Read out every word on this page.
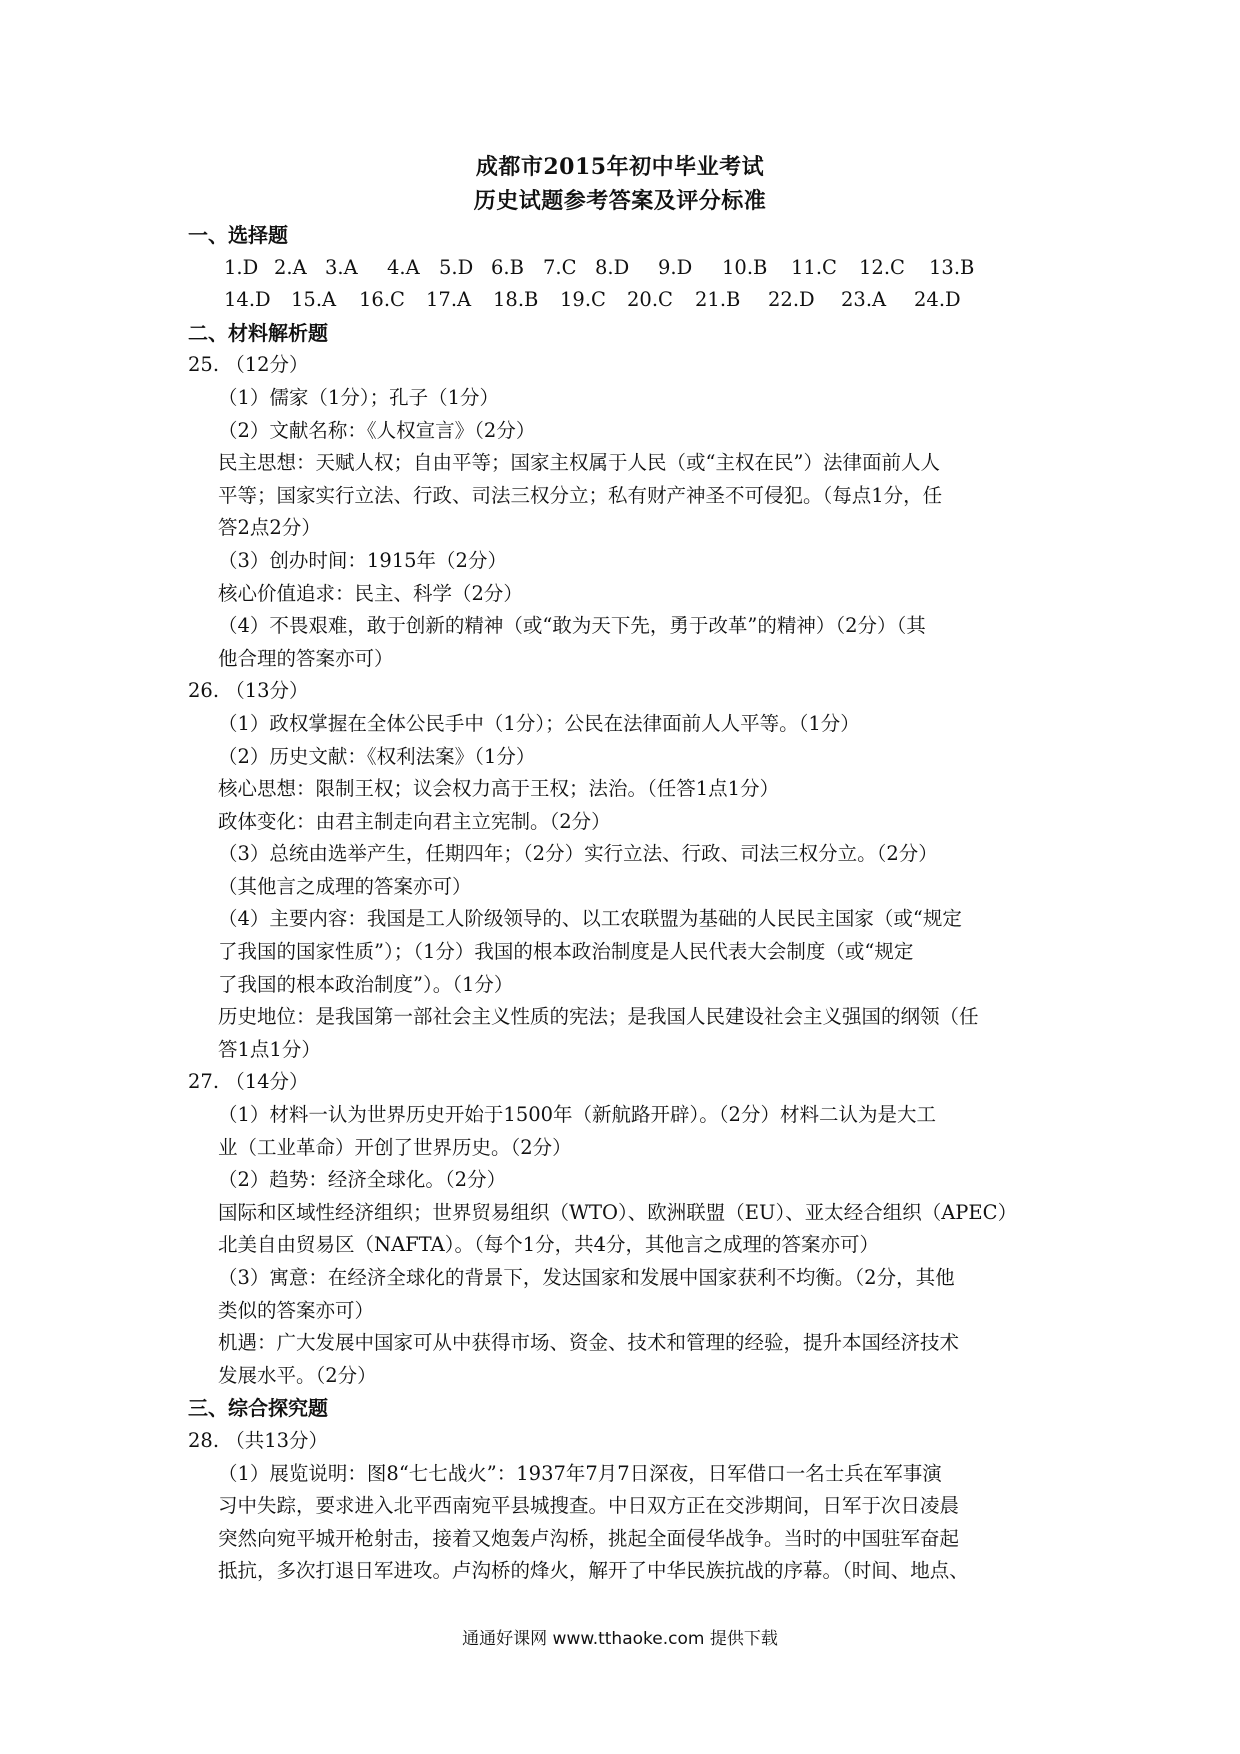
成都市2015年初中毕业考试
历史试题参考答案及评分标准
一、选择题
1.D 2.A 3.A	4.A 5.D 6.B 7.C 8.D	9.D	10.B	11.C	12.C	13.B
14.D	15.A	16.C	17.A	18.B	19.C	20.C	21.B	22.D	23.A	24.D
二、材料解析题
25. （12分）
（1）儒家（1分）；孔子（1分）
（2）文献名称：《人权宣言》（2分）
民主思想：天赋人权；自由平等；国家主权属于人民（或“主权在民”）法律面前人人
平等；国家实行立法、行政、司法三权分立；私有财产神圣不可侵犯。（每点1分，任
答2点2分）
（3）创办时间：1915年（2分）
核心价值追求：民主、科学（2分）
（4）不畏艰难，敢于创新的精神（或“敢为天下先，勇于改革”的精神）（2分）（其
他合理的答案亦可）
26. （13分）
（1）政权掌握在全体公民手中（1分）；公民在法律面前人人平等。（1分）
（2）历史文献：《权利法案》（1分）
核心思想：限制王权；议会权力高于王权；法治。（任答1点1分）
政体变化：由君主制走向君主立宪制。（2分）
（3）总统由选举产生，任期四年；（2分）实行立法、行政、司法三权分立。（2分）
（其他言之成理的答案亦可）
（4）主要内容：我国是工人阶级领导的、以工农联盟为基础的人民民主国家（或“规定
了我国的国家性质”）；（1分）我国的根本政治制度是人民代表大会制度（或“规定
了我国的根本政治制度”）。（1分）
历史地位：是我国第一部社会主义性质的宪法；是我国人民建设社会主义强国的纲领（任
答1点1分）
27. （14分）
（1）材料一认为世界历史开始于1500年（新航路开辟）。（2分）材料二认为是大工
业（工业革命）开创了世界历史。（2分）
（2）趋势：经济全球化。（2分）
国际和区域性经济组织；世界贸易组织（WTO）、欧洲联盟（EU）、亚太经合组织（APEC）
北美自由贸易区（NAFTA）。（每个1分，共4分，其他言之成理的答案亦可）
（3）寓意：在经济全球化的背景下，发达国家和发展中国家获利不均衡。（2分，其他
类似的答案亦可）
机遇：广大发展中国家可从中获得市场、资金、技术和管理的经验，提升本国经济技术
发展水平。（2分）
三、综合探究题
28. （共13分）
（1）展览说明：图8“七七战火”：1937年7月7日深夜，日军借口一名士兵在军事演
习中失踪，要求进入北平西南宛平县城搜查。中日双方正在交涉期间，日军于次日凌晨
突然向宛平城开枪射击，接着又炮轰卢沟桥，挑起全面侵华战争。当时的中国驻军奋起
抵抗，多次打退日军进攻。卢沟桥的烽火，解开了中华民族抗战的序幕。（时间、地点、
通通好课网 www.tthaoke.com 提供下载
